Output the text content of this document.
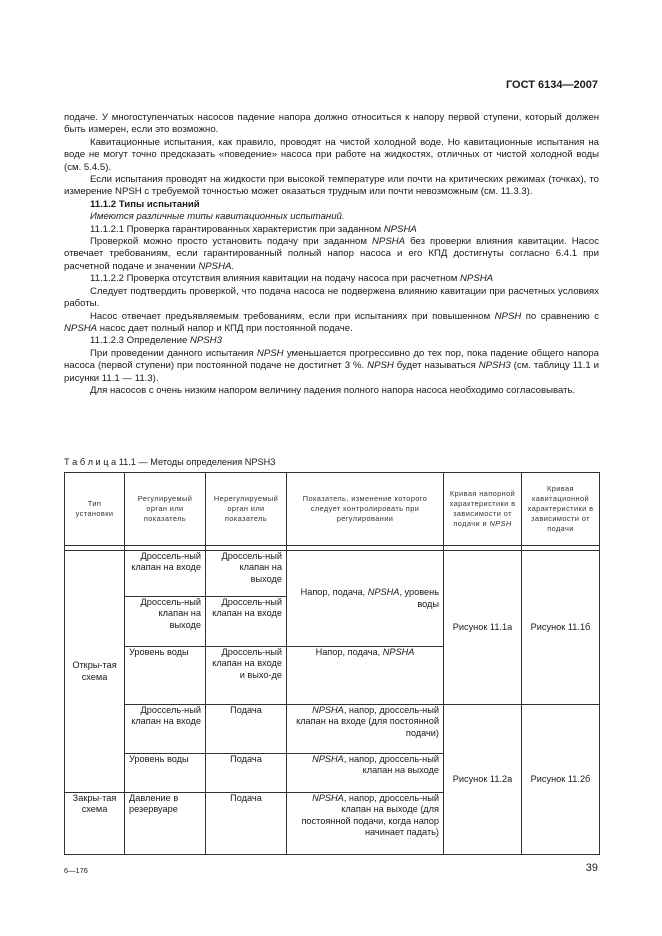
ГОСТ 6134—2007

подаче. У многоступенчатых насосов падение напора должно относиться к напору первой ступени, который должен быть измерен, если это возможно.

Кавитационные испытания, как правило, проводят на чистой холодной воде. Но кавитационные испытания на воде не могут точно предсказать «поведение» насоса при работе на жидкостях, отличных от чистой холодной воды (см. 5.4.5).

Если испытания проводят на жидкости при высокой температуре или почти на критических режимах (точках), то измерение NPSH с требуемой точностью может оказаться трудным или почти невозможным (см. 11.3.3).

11.1.2 Типы испытаний

Имеются различные типы кавитационных испытаний.

11.1.2.1 Проверка гарантированных характеристик при заданном NPSHA

Проверкой можно просто установить подачу при заданном NPSHA без проверки влияния кавитации. Насос отвечает требованиям, если гарантированный полный напор насоса и его КПД достигнуты согласно 6.4.1 при расчетной подаче и значении NPSHA.

11.1.2.2 Проверка отсутствия влияния кавитации на подачу насоса при расчетном NPSHA

Следует подтвердить проверкой, что подача насоса не подвержена влиянию кавитации при расчетных условиях работы.

Насос отвечает предъявляемым требованиям, если при испытаниях при повышенном NPSH по сравнению с NPSHA насос дает полный напор и КПД при постоянной подаче.

11.1.2.3 Определение NPSH3

При проведении данного испытания NPSH уменьшается прогрессивно до тех пор, пока падение общего напора насоса (первой ступени) при постоянной подаче не достигнет 3 %. NPSH будет называться NPSH3 (см. таблицу 11.1 и рисунки 11.1 — 11.3).

Для насосов с очень низким напором величину падения полного напора насоса необходимо согласовывать.

Т а б л и ц а 11.1 — Методы определения NPSH3
Тип установки	Регулируемый орган или показатель	Нерегулируемый орган или показатель	Показатель, изменение которого следует контролировать при регулировании	Кривая напорной характеристики в зависимости от подачи и NPSH	Кривая кавитационной характеристики в зависимости от подачи

Откры-тая схема	Дроссель-ный клапан на входе	Дроссель-ный клапан на выходе	Напор, подача, NPSHA, уровень воды	Рисунок 11.1а	Рисунок 11.1б
	Дроссель-ный клапан на выходе	Дроссель-ный клапан на входе			
	Уровень воды	Дроссель-ный клапан на входе и выхо-де	Напор, подача, NPSHA		
	Дроссель-ный клапан на входе	Подача	NPSHA, напор, дроссель-ный клапан на входе (для постоянной подачи)	Рисунок 11.2а	Рисунок 11.2б
	Уровень воды	Подача	NPSHA, напор, дроссель-ный клапан на выходе		
Закры-тая схема	Давление в резервуаре	Подача	NPSHA, напор, дроссель-ный клапан на выходе (для постоянной подачи, когда напор начинает падать)		
6—176	39
